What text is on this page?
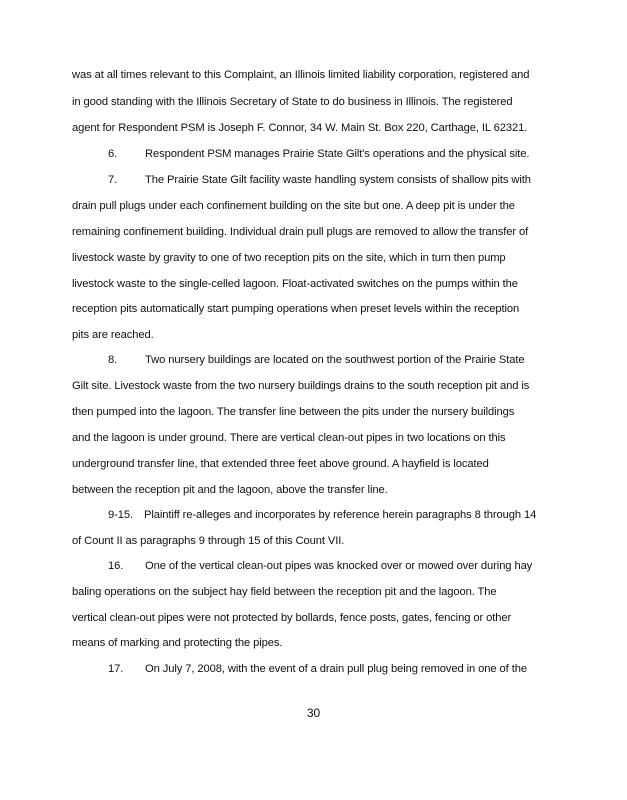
was at all times relevant to this Complaint, an Illinois limited liability corporation, registered and
in good standing with the Illinois Secretary of State to do business in Illinois. The registered
agent for Respondent PSM is Joseph F. Connor, 34 W. Main St. Box 220, Carthage, IL 62321.
6. Respondent PSM manages Prairie State Gilt's operations and the physical site.
7. The Prairie State Gilt facility waste handling system consists of shallow pits with
drain pull plugs under each confinement building on the site but one. A deep pit is under the
remaining confinement building. Individual drain pull plugs are removed to allow the transfer of
livestock waste by gravity to one of two reception pits on the site, which in turn then pump
livestock waste to the single-celled lagoon. Float-activated switches on the pumps within the
reception pits automatically start pumping operations when preset levels within the reception
pits are reached.
8. Two nursery buildings are located on the southwest portion of the Prairie State
Gilt site. Livestock waste from the two nursery buildings drains to the south reception pit and is
then pumped into the lagoon. The transfer line between the pits under the nursery buildings
and the lagoon is under ground. There are vertical clean-out pipes in two locations on this
underground transfer line, that extended three feet above ground. A hayfield is located
between the reception pit and the lagoon, above the transfer line.
9-15. Plaintiff re-alleges and incorporates by reference herein paragraphs 8 through 14
of Count II as paragraphs 9 through 15 of this Count VII.
16. One of the vertical clean-out pipes was knocked over or mowed over during hay
baling operations on the subject hay field between the reception pit and the lagoon. The
vertical clean-out pipes were not protected by bollards, fence posts, gates, fencing or other
means of marking and protecting the pipes.
17. On July 7, 2008, with the event of a drain pull plug being removed in one of the
30
